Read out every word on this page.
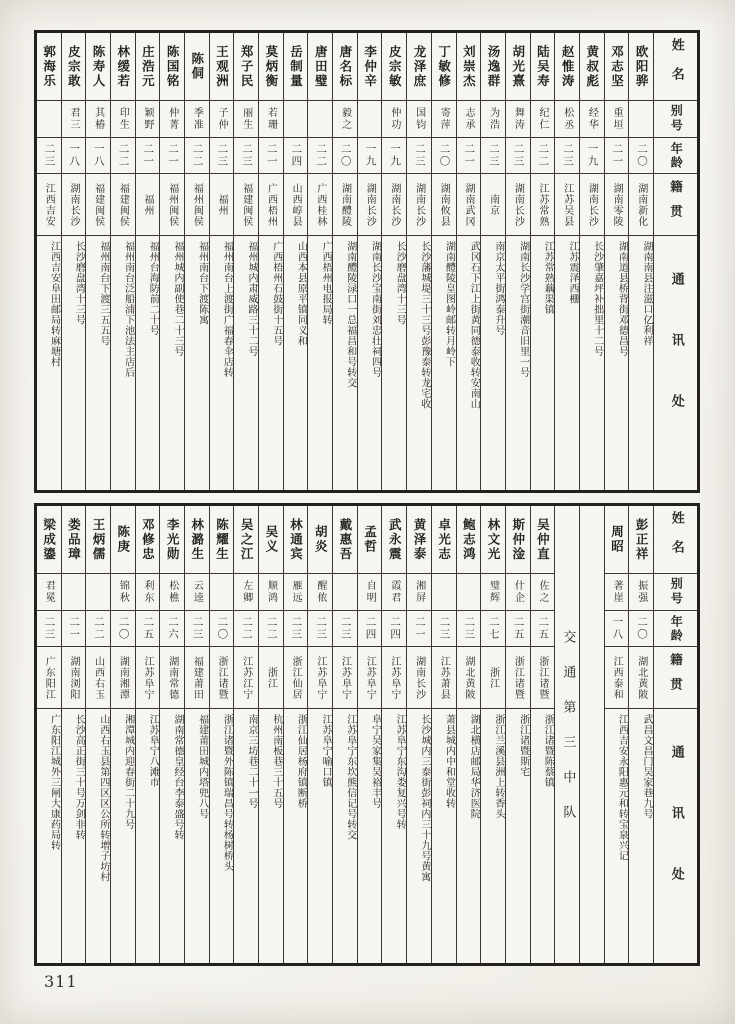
姓名
别号
年龄
籍贯
通讯处
欧阳骅
二〇
湖南新化
湖南南县注滋口亿利祥
邓志坚
重垣
二一
湖南零陵
湖南道县桥背街邓德昌号
黄叔彪
经华
一九
湖南长沙
长沙肇嘉坪补拙里十二号
赵惟涛
松丞
二三
江苏吴县
江苏震泽西栅
陆吴寿
纪仁
二二
江苏常熟
江苏常熟藕渠镇
胡光熹
舞涛
二三
湖南长沙
湖南长沙学宫街潮音旧里一号
汤逸群
为浩
二三
南京
南京太平街鸿泰升号
刘崇杰
志承
二一
湖南武冈
武冈石下江上街黄同德泰收转安南山
丁敏修
寄萍
二〇
湖南攸县
湖南醴陵皇图岭邮转月岭下
龙泽庶
国钧
二三
湖南长沙
长沙藩城堤三十三号彭豫泰转龙宅收
皮宗敏
仲功
一九
湖南长沙
长沙磨盘湾十三号
李仲辛
一九
湖南长沙
湖南长沙宝南街刘忠壮祠四号
唐名标
毅之
二〇
湖南醴陵
湖南醴陵渌口一总福昌和号转交
唐田璧
二二
广西桂林
广西梧州电报局转
岳制量
二四
山西崞县
山西本县原平镇同义和
莫炳衡
若珊
二一
广西梧州
广西梧州石鼓街十五号
郑子民
丽生
二三
福建闽侯
福州城内肃威路三十二号
王观洲
子仲
二三
福州
福州南台上渡街广福春伞店转
陈侗
季准
二二
福州闽侯
福州南台下渡陈寓
陈国铭
仲菁
二一
福州闽侯
福州城内副使巷二十三号
庄浩元
颖野
二一
福州
福州台海防前二十号
林缓若
印生
二二
福建闽侯
福州南台泛船浦下池法主店后
陈寿人
其椿
一八
福建闽侯
福州南台下渡三五五号
皮宗敢
君三
一八
湖南长沙
长沙磨盘湾十三号
郭海乐
二三
江西吉安
江西吉安阜田邮局转麻塘村
姓名
别号
年龄
籍贯
通讯处
彭正祥
振强
二〇
湖北黄陂
武昌文昌门吴家巷九号
周昭
著崖
一八
江西泰和
江西吉安永阳惠元和转宝泉兴记
交通第三中队
吴仲直
佐之
二五
浙江诸暨
浙江诸暨陈蔡镇
斯仲淦
什企
二五
浙江诸暨
浙江诸暨斯宅
林文光
璧辉
二七
浙江
浙江兰溪县洲上转香头
鲍志鸿
二三
湖北黄陂
湖北横店邮局华济医院
卓光志
二三
江苏萧县
萧县城内中和堂收转
黄泽泰
湘屏
二一
湖南长沙
长沙城内三泰街彭祠内三十九号黄寓
武永震
霞君
二四
江苏阜宁
江苏阜宁东沟娄复兴号转
孟哲
自明
二四
江苏阜宁
阜宁吴家集吴裕丰号
戴惠吾
二三
江苏阜宁
江苏阜宁东坎熊信记号转交
胡炎
醒侬
二三
江苏阜宁
江苏阜宁喻口镇
林通宾
雁远
二三
浙江仙居
浙江仙居杨府镇断桥
吴义
顺鸿
二二
浙江
杭州南板巷三十五号
吴之江
左卿
二二
江苏江宁
南京三坊巷二十一号
陈耀生
二〇
浙江诸暨
浙江诸暨外陈镇瑞昌号转杨树桥头
林潞生
云逵
二三
福建莆田
福建莆田城内塔兜八号
李光勋
松樵
二六
湖南常德
湖南常德皇经台李泰盛号转
邓修忠
利东
二五
江苏阜宁
江苏阜宁八滩市
陈庚
锦秋
二〇
湖南湘潭
湘潭城内迎春街二十九号
王炳儒
二二
山西右玉
山西右玉县第四区区公所转增子坊村
娄品璋
二一
湖南浏阳
长沙高正街三十号万剑非转
梁成鎏
君冕
二三
广东阳江
广东阳江城外三闸大康药局转
311
